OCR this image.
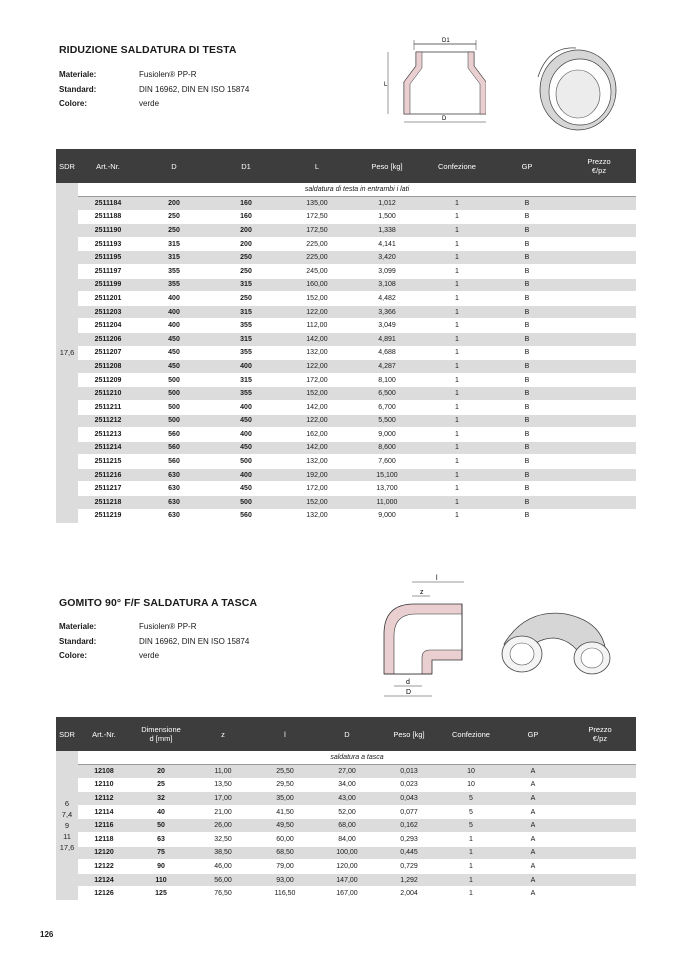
RIDUZIONE SALDATURA DI TESTA
Materiale:	Fusiolen® PP-R
Standard:	DIN 16962, DIN EN ISO 15874
Colore:	verde
D1
L
D
SDR	Art.-Nr.	D	D1	L	Peso [kg]	Confezione	GP	Prezzo
€/pz
17,6	saldatura di testa in entrambi i lati							
	2511184	200	160	135,00	1,012	1	B	
	2511188	250	160	172,50	1,500	1	B	
	2511190	250	200	172,50	1,338	1	B	
	2511193	315	200	225,00	4,141	1	B	
	2511195	315	250	225,00	3,420	1	B	
	2511197	355	250	245,00	3,099	1	B	
	2511199	355	315	160,00	3,108	1	B	
	2511201	400	250	152,00	4,482	1	B	
	2511203	400	315	122,00	3,366	1	B	
	2511204	400	355	112,00	3,049	1	B	
	2511206	450	315	142,00	4,891	1	B	
	2511207	450	355	132,00	4,688	1	B	
	2511208	450	400	122,00	4,287	1	B	
	2511209	500	315	172,00	8,100	1	B	
	2511210	500	355	152,00	6,500	1	B	
	2511211	500	400	142,00	6,700	1	B	
	2511212	500	450	122,00	5,500	1	B	
	2511213	560	400	162,00	9,000	1	B	
	2511214	560	450	142,00	8,600	1	B	
	2511215	560	500	132,00	7,600	1	B	
	2511216	630	400	192,00	15,100	1	B	
	2511217	630	450	172,00	13,700	1	B	
	2511218	630	500	152,00	11,000	1	B	
	2511219	630	560	132,00	9,000	1	B	
GOMITO 90° F/F SALDATURA A TASCA
Materiale:	Fusiolen® PP-R
Standard:	DIN 16962, DIN EN ISO 15874
Colore:	verde
l
z
d
D
SDR	Art.-Nr.	Dimensione
d [mm]	z	l	D	Peso [kg]	Confezione	GP	Prezzo
€/pz
6
7,4
9
11
17,6	saldatura a tasca								
	12108	20	11,00	25,50	27,00	0,013	10	A	
	12110	25	13,50	29,50	34,00	0,023	10	A	
	12112	32	17,00	35,00	43,00	0,043	5	A	
	12114	40	21,00	41,50	52,00	0,077	5	A	
	12116	50	26,00	49,50	68,00	0,162	5	A	
	12118	63	32,50	60,00	84,00	0,293	1	A	
	12120	75	38,50	68,50	100,00	0,445	1	A	
	12122	90	46,00	79,00	120,00	0,729	1	A	
	12124	110	56,00	93,00	147,00	1,292	1	A	
	12126	125	76,50	116,50	167,00	2,004	1	A	
126
